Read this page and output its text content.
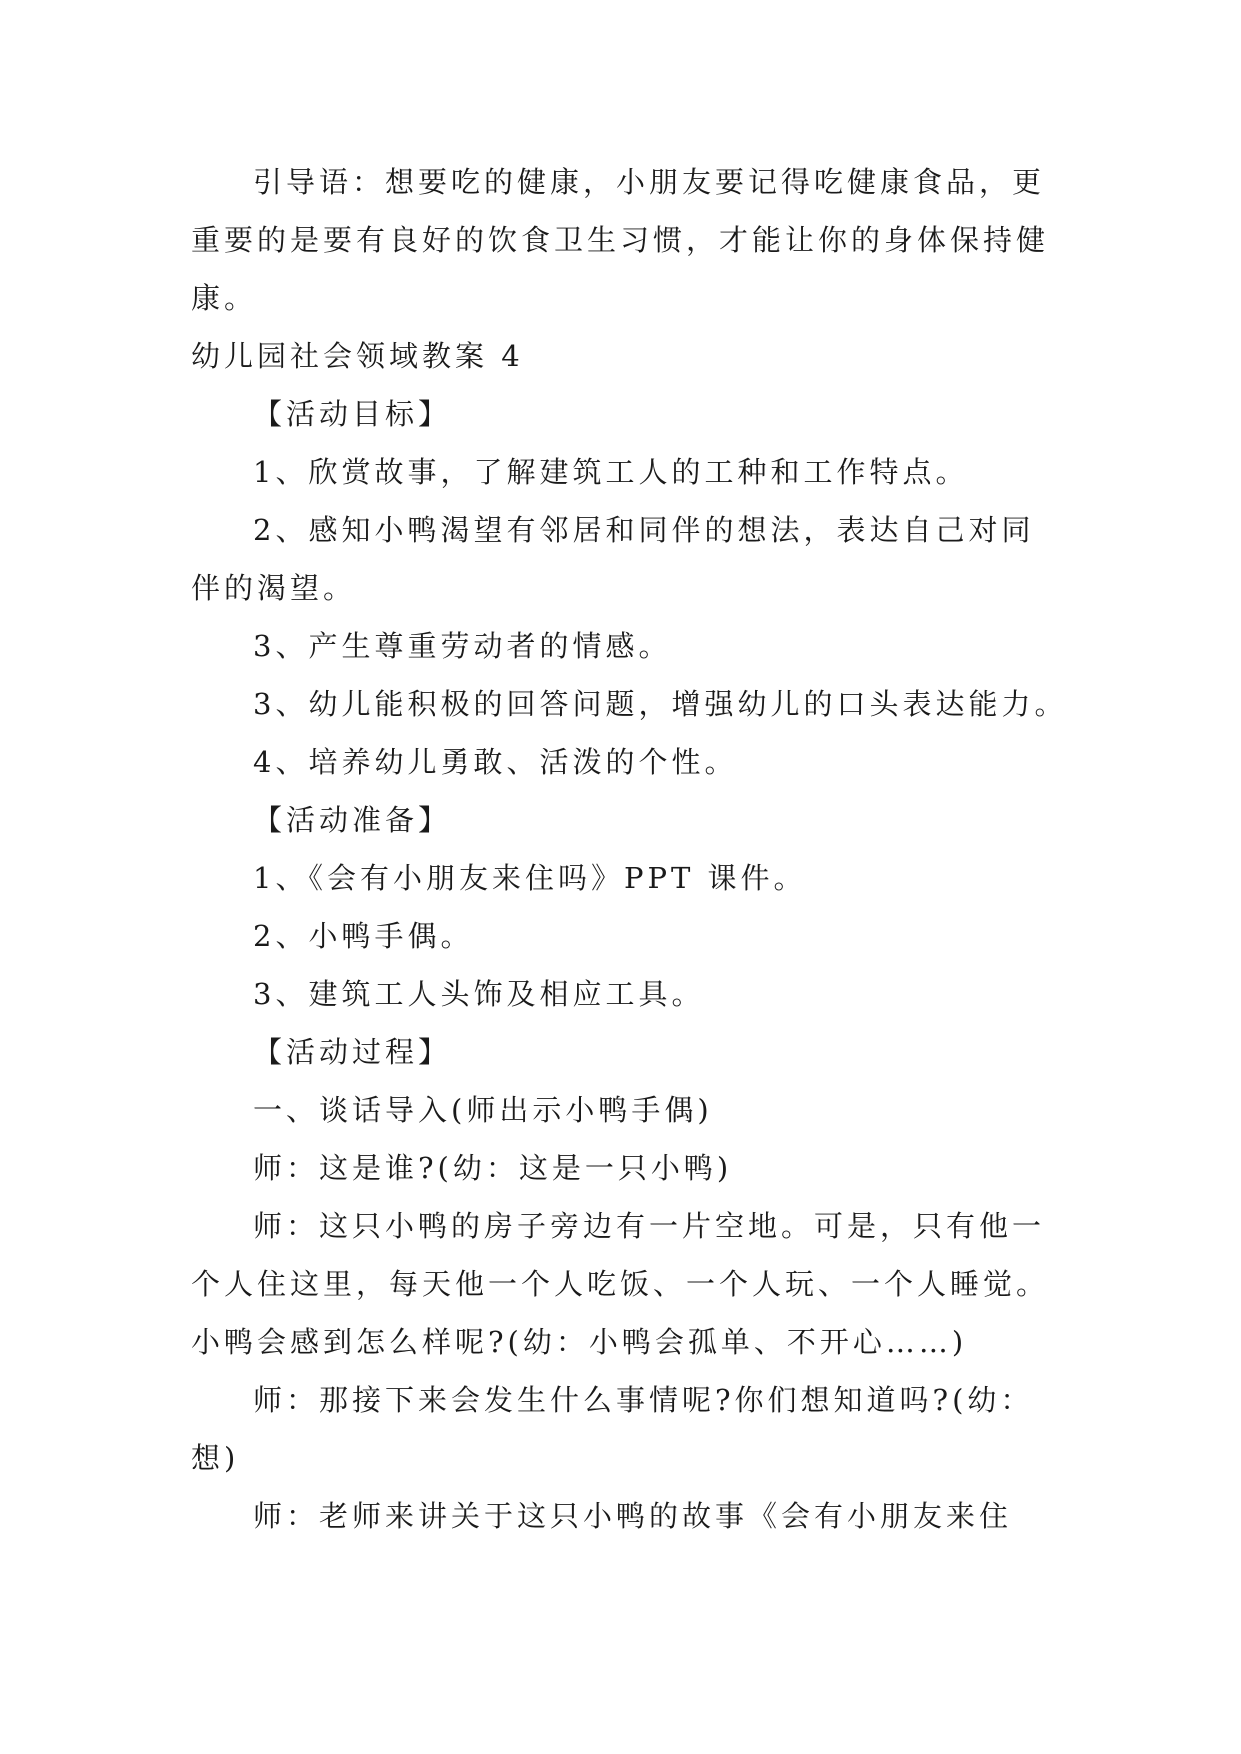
引导语：想要吃的健康，小朋友要记得吃健康食品，更
重要的是要有良好的饮食卫生习惯，才能让你的身体保持健
康。
幼儿园社会领域教案 4
【活动目标】
1、欣赏故事，了解建筑工人的工种和工作特点。
2、感知小鸭渴望有邻居和同伴的想法，表达自己对同
伴的渴望。
3、产生尊重劳动者的情感。
3、幼儿能积极的回答问题，增强幼儿的口头表达能力。
4、培养幼儿勇敢、活泼的个性。
【活动准备】
1、《会有小朋友来住吗》PPT 课件。
2、小鸭手偶。
3、建筑工人头饰及相应工具。
【活动过程】
一、谈话导入(师出示小鸭手偶)
师：这是谁?(幼：这是一只小鸭)
师：这只小鸭的房子旁边有一片空地。可是，只有他一
个人住这里，每天他一个人吃饭、一个人玩、一个人睡觉。
小鸭会感到怎么样呢?(幼：小鸭会孤单、不开心……)
师：那接下来会发生什么事情呢?你们想知道吗?(幼：
想)
师：老师来讲关于这只小鸭的故事《会有小朋友来住
